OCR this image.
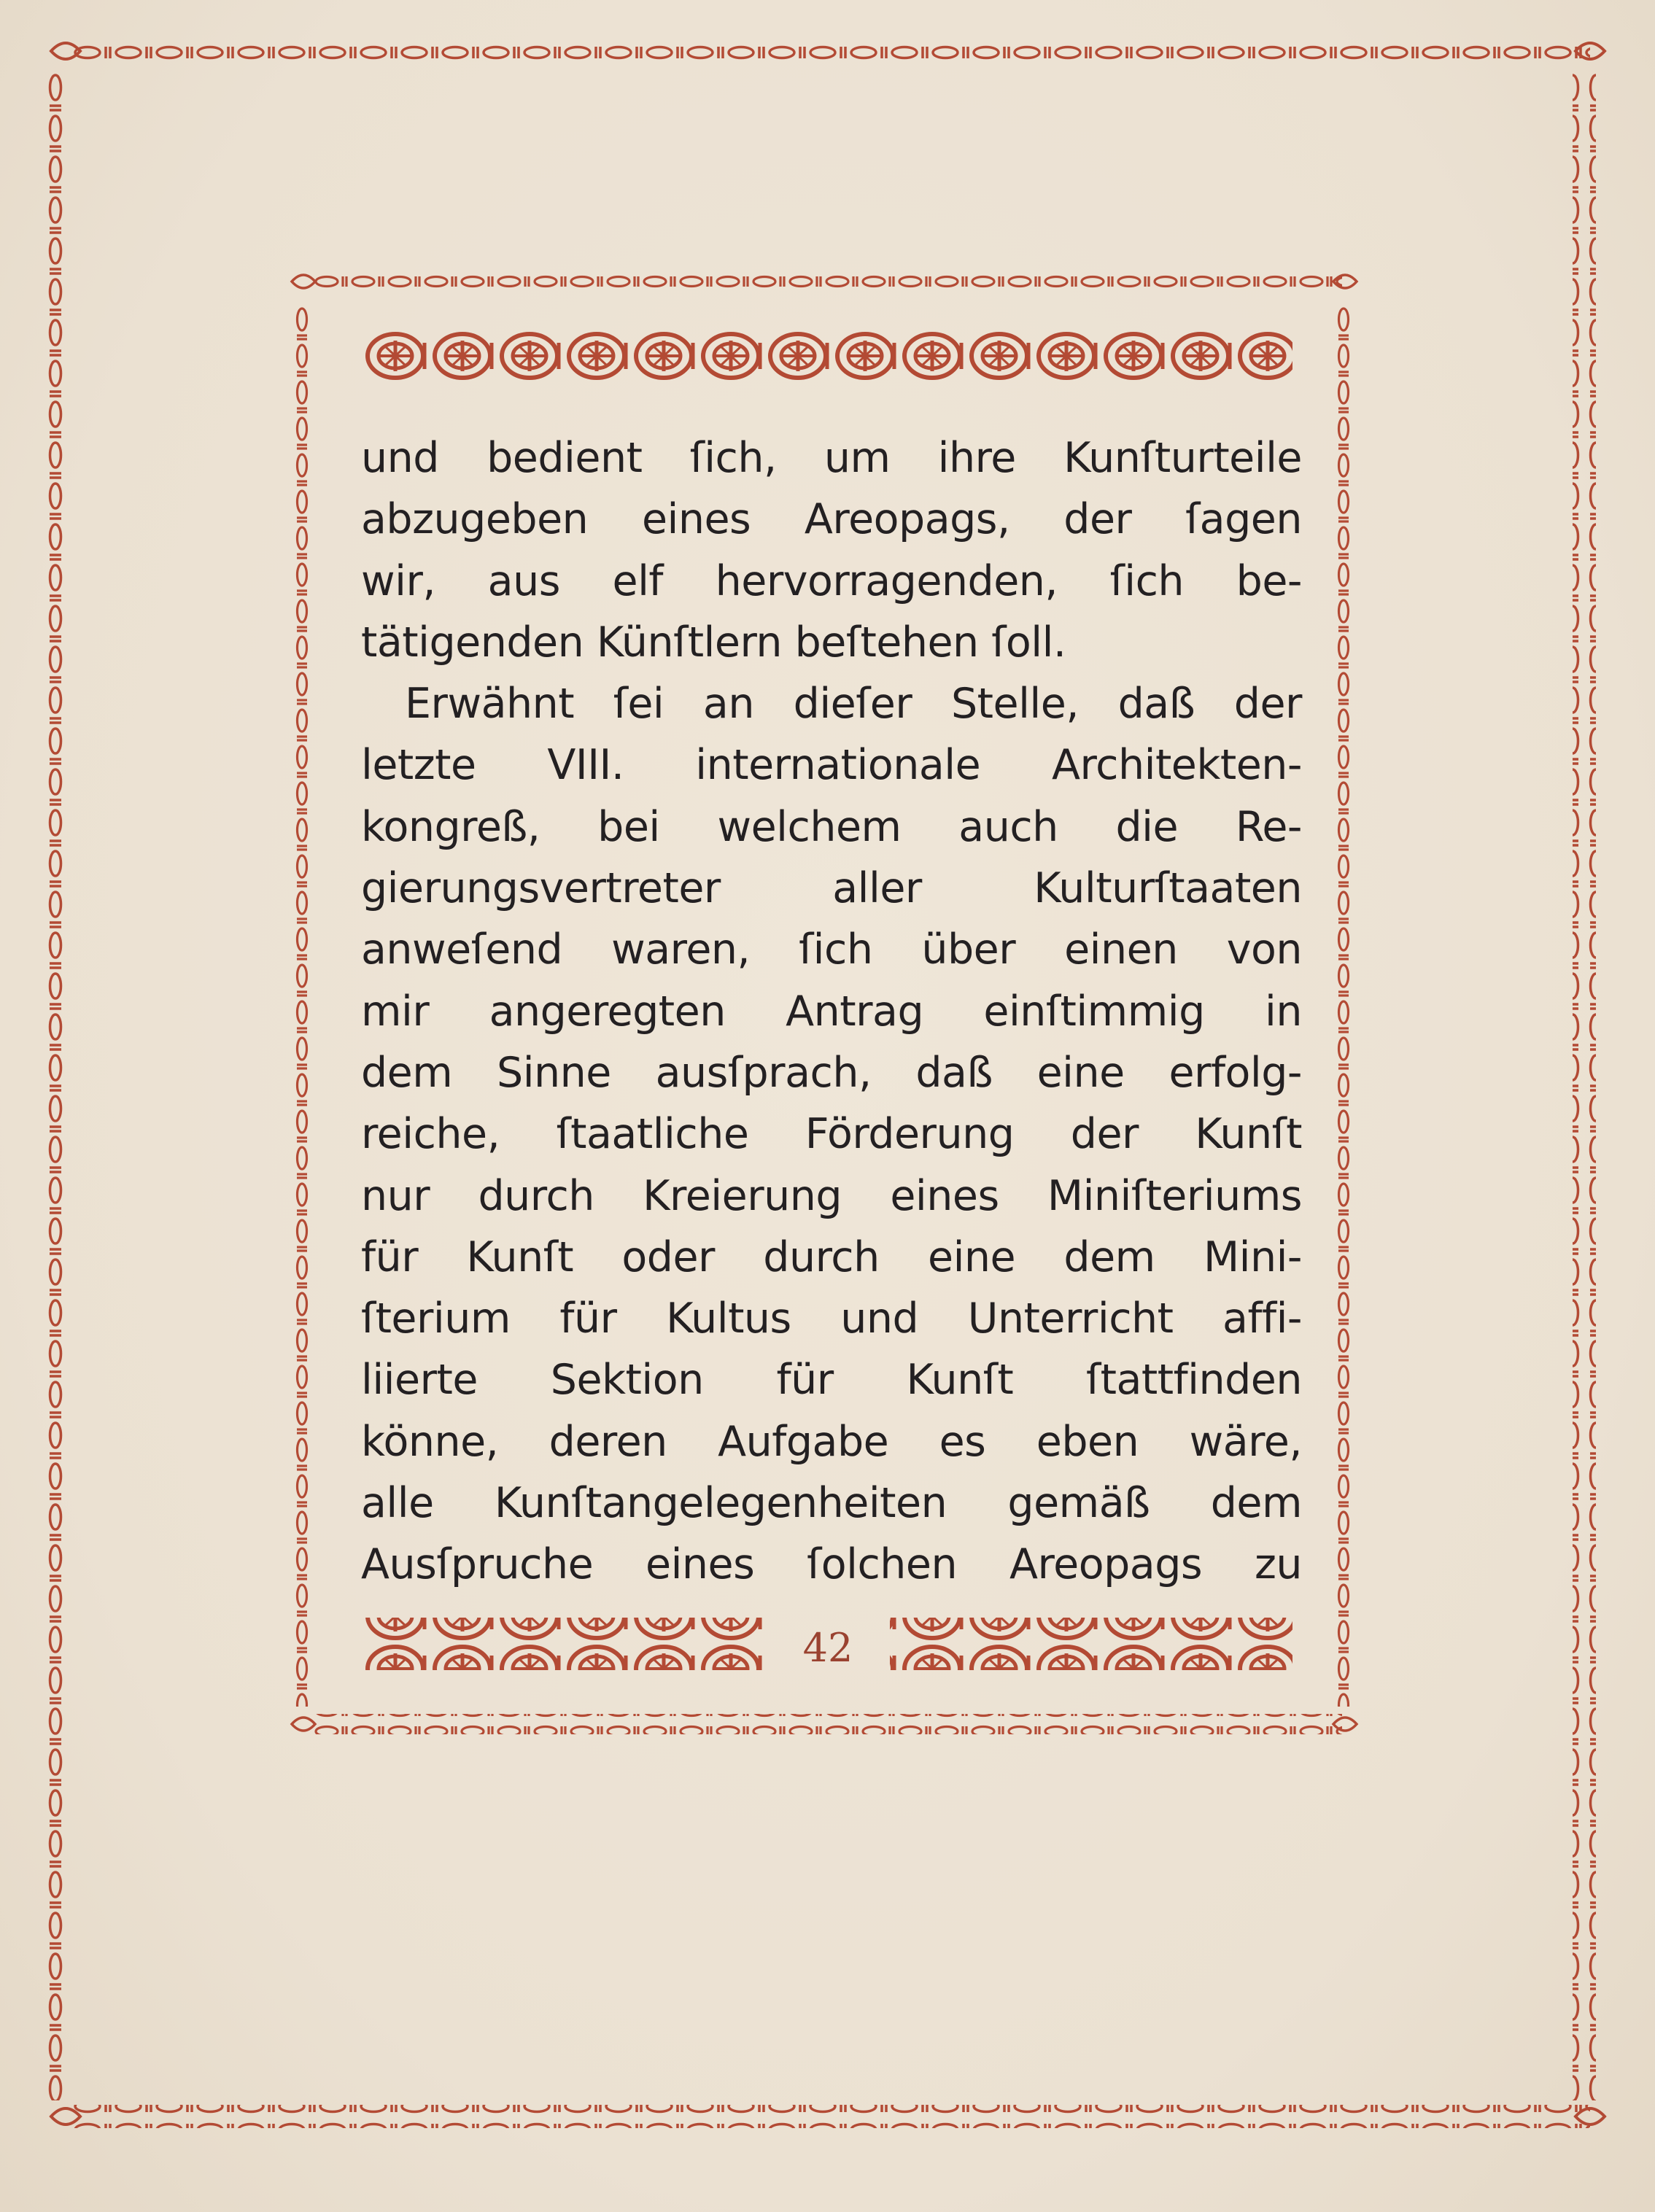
und bedient ſich, um ihre Kunſturteile
abzugeben eines Areopags, der ſagen
wir, aus elf hervorragenden, ſich be-
tätigenden Künſtlern beſtehen ſoll.
Erwähnt ſei an dieſer Stelle, daß der
letzte VIII. internationale Architekten-
kongreß, bei welchem auch die Re-
gierungsvertreter aller Kulturſtaaten
anweſend waren, ſich über einen von
mir angeregten Antrag einſtimmig in
dem Sinne ausſprach, daß eine erfolg-
reiche, ſtaatliche Förderung der Kunſt
nur durch Kreierung eines Miniſteriums
für Kunſt oder durch eine dem Mini-
ſterium für Kultus und Unterricht affi-
liierte Sektion für Kunſt ſtattfinden
könne, deren Aufgabe es eben wäre,
alle Kunſtangelegenheiten gemäß dem
Ausſpruche eines ſolchen Areopags zu
42
